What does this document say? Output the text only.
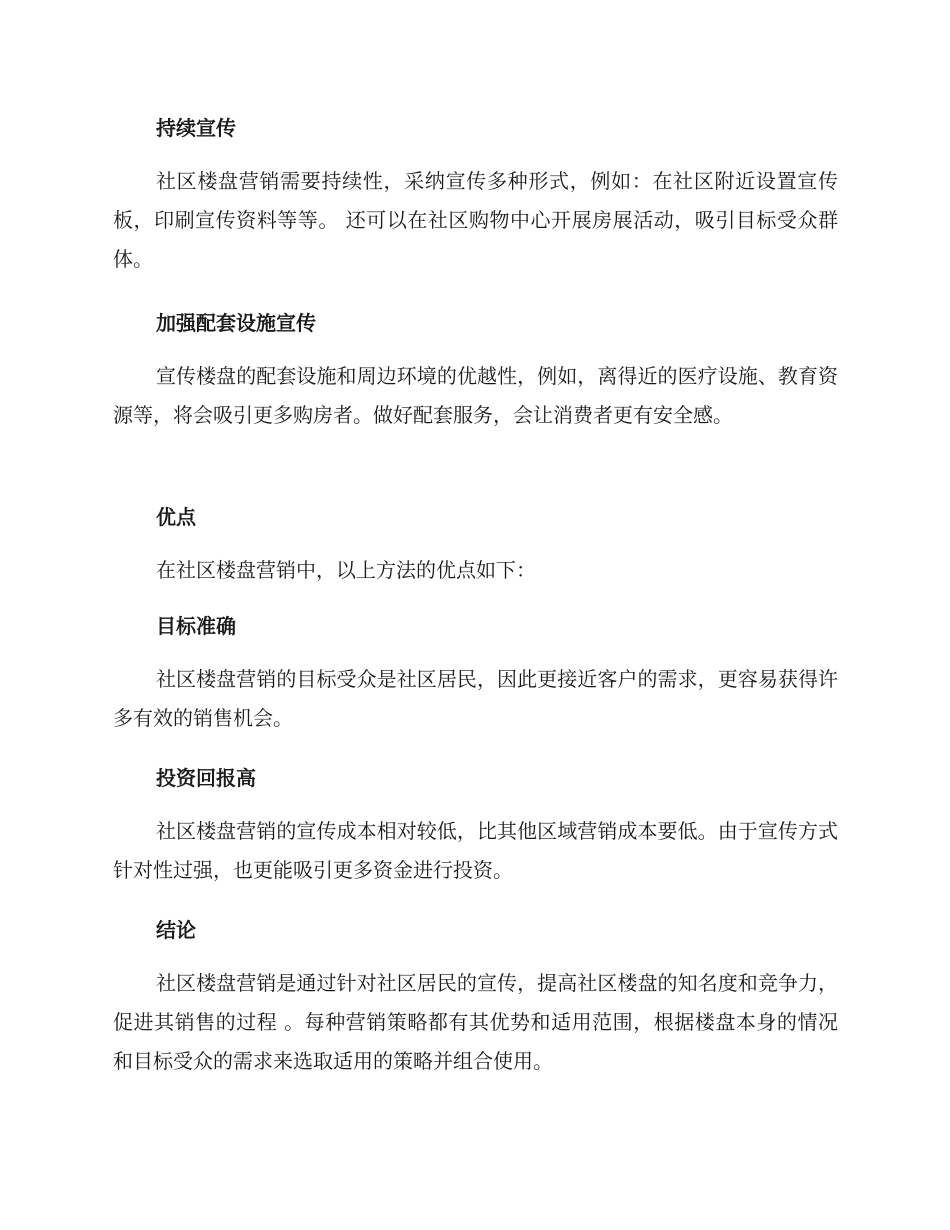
持续宣传

社区楼盘营销需要持续性，采纳宣传多种形式，例如：在社区附近设置宣传板，印刷宣传资料等等。 还可以在社区购物中心开展房展活动，吸引目标受众群体。

加强配套设施宣传

宣传楼盘的配套设施和周边环境的优越性，例如，离得近的医疗设施、教育资源等，将会吸引更多购房者。做好配套服务，会让消费者更有安全感。

优点

在社区楼盘营销中，以上方法的优点如下：

目标准确

社区楼盘营销的目标受众是社区居民，因此更接近客户的需求，更容易获得许多有效的销售机会。

投资回报高

社区楼盘营销的宣传成本相对较低，比其他区域营销成本要低。由于宣传方式针对性过强，也更能吸引更多资金进行投资。

结论

社区楼盘营销是通过针对社区居民的宣传，提高社区楼盘的知名度和竞争力，促进其销售的过程 。每种营销策略都有其优势和适用范围，根据楼盘本身的情况和目标受众的需求来选取适用的策略并组合使用。
